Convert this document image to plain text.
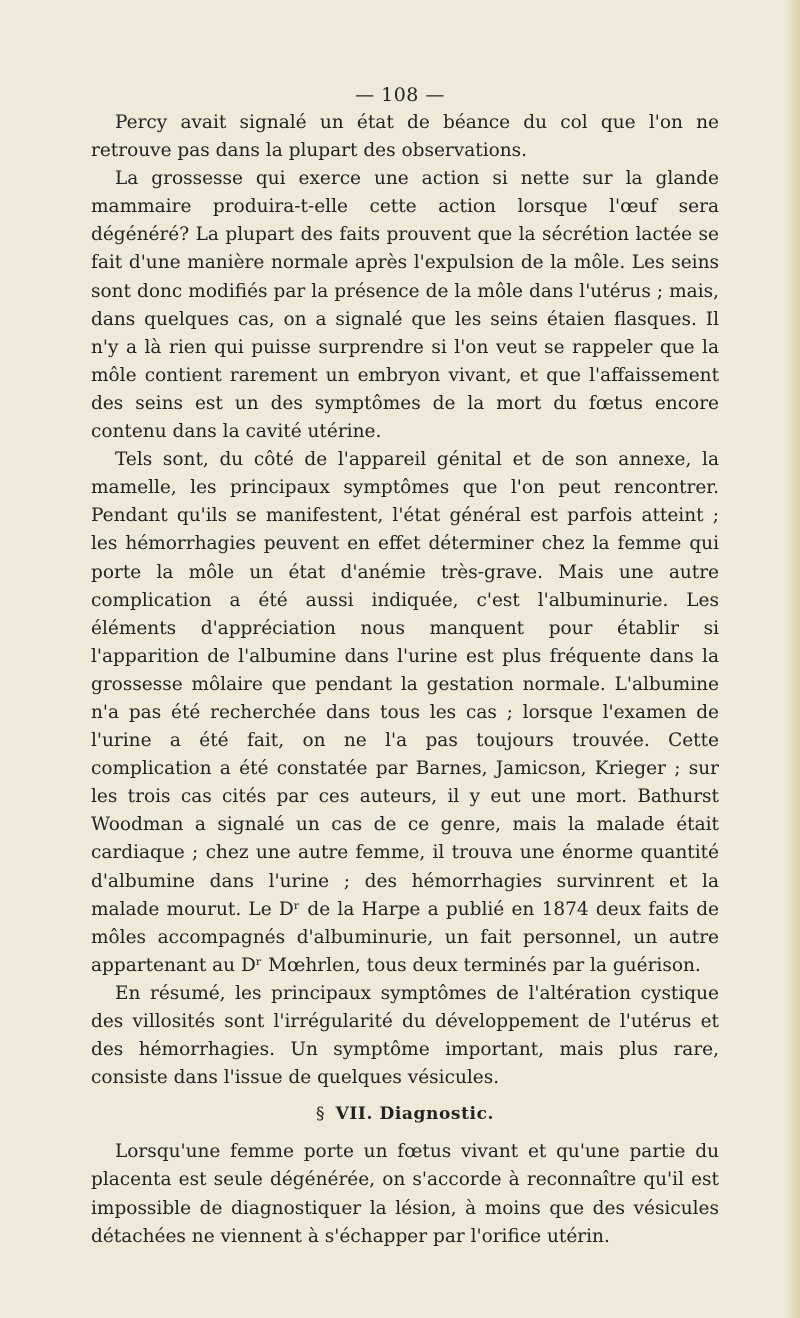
— 108 —

Percy avait signalé un état de béance du col que l'on ne retrouve pas dans la plupart des observations.

La grossesse qui exerce une action si nette sur la glande mammaire produira-t-elle cette action lorsque l'œuf sera dégénéré? La plupart des faits prouvent que la sécrétion lactée se fait d'une manière normale après l'expulsion de la môle. Les seins sont donc modifiés par la présence de la môle dans l'utérus ; mais, dans quelques cas, on a signalé que les seins étaien flasques. Il n'y a là rien qui puisse surprendre si l'on veut se rappeler que la môle contient rarement un embryon vivant, et que l'affaissement des seins est un des symptômes de la mort du fœtus encore contenu dans la cavité utérine.

Tels sont, du côté de l'appareil génital et de son annexe, la mamelle, les principaux symptômes que l'on peut rencontrer. Pendant qu'ils se manifestent, l'état général est parfois atteint ; les hémorrhagies peuvent en effet déterminer chez la femme qui porte la môle un état d'anémie très-grave. Mais une autre complication a été aussi indiquée, c'est l'albuminurie. Les éléments d'appréciation nous manquent pour établir si l'apparition de l'albumine dans l'urine est plus fréquente dans la grossesse môlaire que pendant la gestation normale. L'albumine n'a pas été recherchée dans tous les cas ; lorsque l'examen de l'urine a été fait, on ne l'a pas toujours trouvée. Cette complication a été constatée par Barnes, Jamicson, Krieger ; sur les trois cas cités par ces auteurs, il y eut une mort. Bathurst Woodman a signalé un cas de ce genre, mais la malade était cardiaque ; chez une autre femme, il trouva une énorme quantité d'albumine dans l'urine ; des hémorrhagies survinrent et la malade mourut. Le Dʳ de la Harpe a publié en 1874 deux faits de môles accompagnés d'albuminurie, un fait personnel, un autre appartenant au Dʳ Mœhrlen, tous deux terminés par la guérison.

En résumé, les principaux symptômes de l'altération cystique des villosités sont l'irrégularité du développement de l'utérus et des hémorrhagies. Un symptôme important, mais plus rare, consiste dans l'issue de quelques vésicules.

§ VII. Diagnostic.

Lorsqu'une femme porte un fœtus vivant et qu'une partie du placenta est seule dégénérée, on s'accorde à reconnaître qu'il est impossible de diagnostiquer la lésion, à moins que des vésicules détachées ne viennent à s'échapper par l'orifice utérin.
